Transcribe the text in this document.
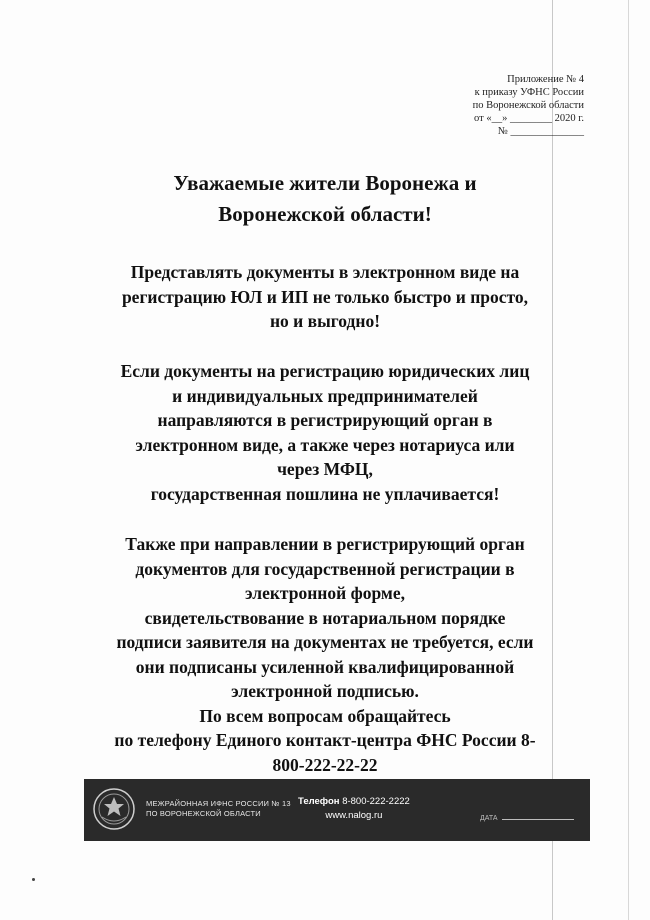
Приложение № 4
к приказу УФНС России
по Воронежской области
от «__» ________ 2020 г.
№ ______________
Уважаемые жители Воронежа и
Воронежской области!
Представлять документы в электронном виде на
регистрацию ЮЛ и ИП не только быстро и просто,
но и выгодно!
Если документы на регистрацию юридических лиц
и индивидуальных предпринимателей
направляются в регистрирующий орган в
электронном виде, а также через нотариуса или
через МФЦ,
государственная пошлина не уплачивается!
Также при направлении в регистрирующий орган
документов для государственной регистрации в
электронной форме,
свидетельствование в нотариальном порядке
подписи заявителя на документах не требуется, если
они подписаны усиленной квалифицированной
электронной подписью.
По всем вопросам обращайтесь
по телефону Единого контакт-центра ФНС России 8-
800-222-22-22
МЕЖРАЙОННАЯ ИФНС РОССИИ № 13
ПО ВОРОНЕЖСКОЙ ОБЛАСТИ
Телефон 8-800-222-2222
www.nalog.ru	ДАТА
